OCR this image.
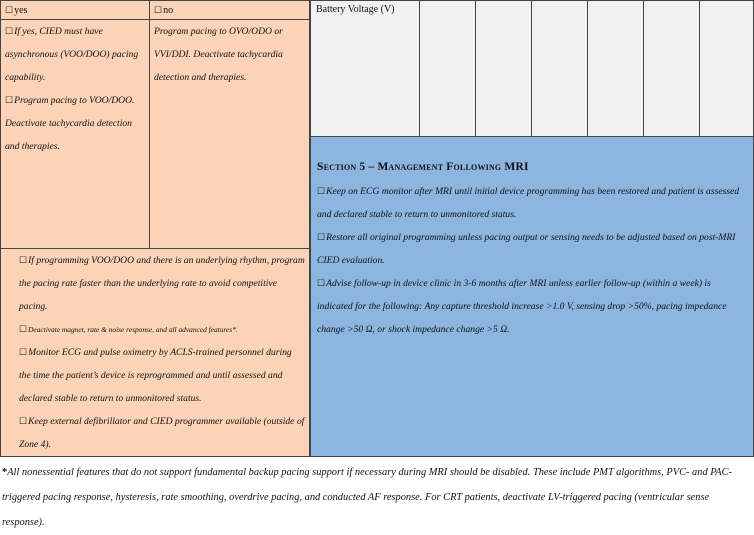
☐ yes
☐	no

☐ If yes, CIED must have asynchronous (VOO/DOO) pacing capability.

☐ Program pacing to VOO/DOO. Deactivate tachycardia detection and therapies.

Program pacing to OVO/ODO or VVI/DDI. Deactivate tachycardia detection and therapies.

☐ If programming VOO/DOO and there is an underlying rhythm, program the pacing rate faster than the underlying rate to avoid competitive pacing.

☐ Deactivate magnet, rate & noise response, and all advanced features*.

☐ Monitor ECG and pulse oximetry by ACLS-trained personnel during the time the patient’s device is reprogrammed and until assessed and declared stable to return to unmonitored status.

☐ Keep external defibrillator and CIED programmer available (outside of Zone 4).

Battery Voltage (V)
Section 5 – Management Following MRI

☐ Keep on ECG monitor after MRI until initial device programming has been restored and patient is assessed and declared stable to return to unmonitored status.

☐ Restore all original programming unless pacing output or sensing needs to be adjusted based on post-MRI CIED evaluation.

☐ Advise follow-up in device clinic in 3-6 months after MRI unless earlier follow-up (within a week) is indicated for the following: Any capture threshold increase >1.0 V, sensing drop >50%, pacing impedance change >50 Ω, or shock impedance change >5 Ω.

*All nonessential features that do not support fundamental backup pacing support if necessary during MRI should be disabled. These include PMT algorithms, PVC- and PAC-triggered pacing response, hysteresis, rate smoothing, overdrive pacing, and conducted AF response. For CRT patients, deactivate LV-triggered pacing (ventricular sense response).
